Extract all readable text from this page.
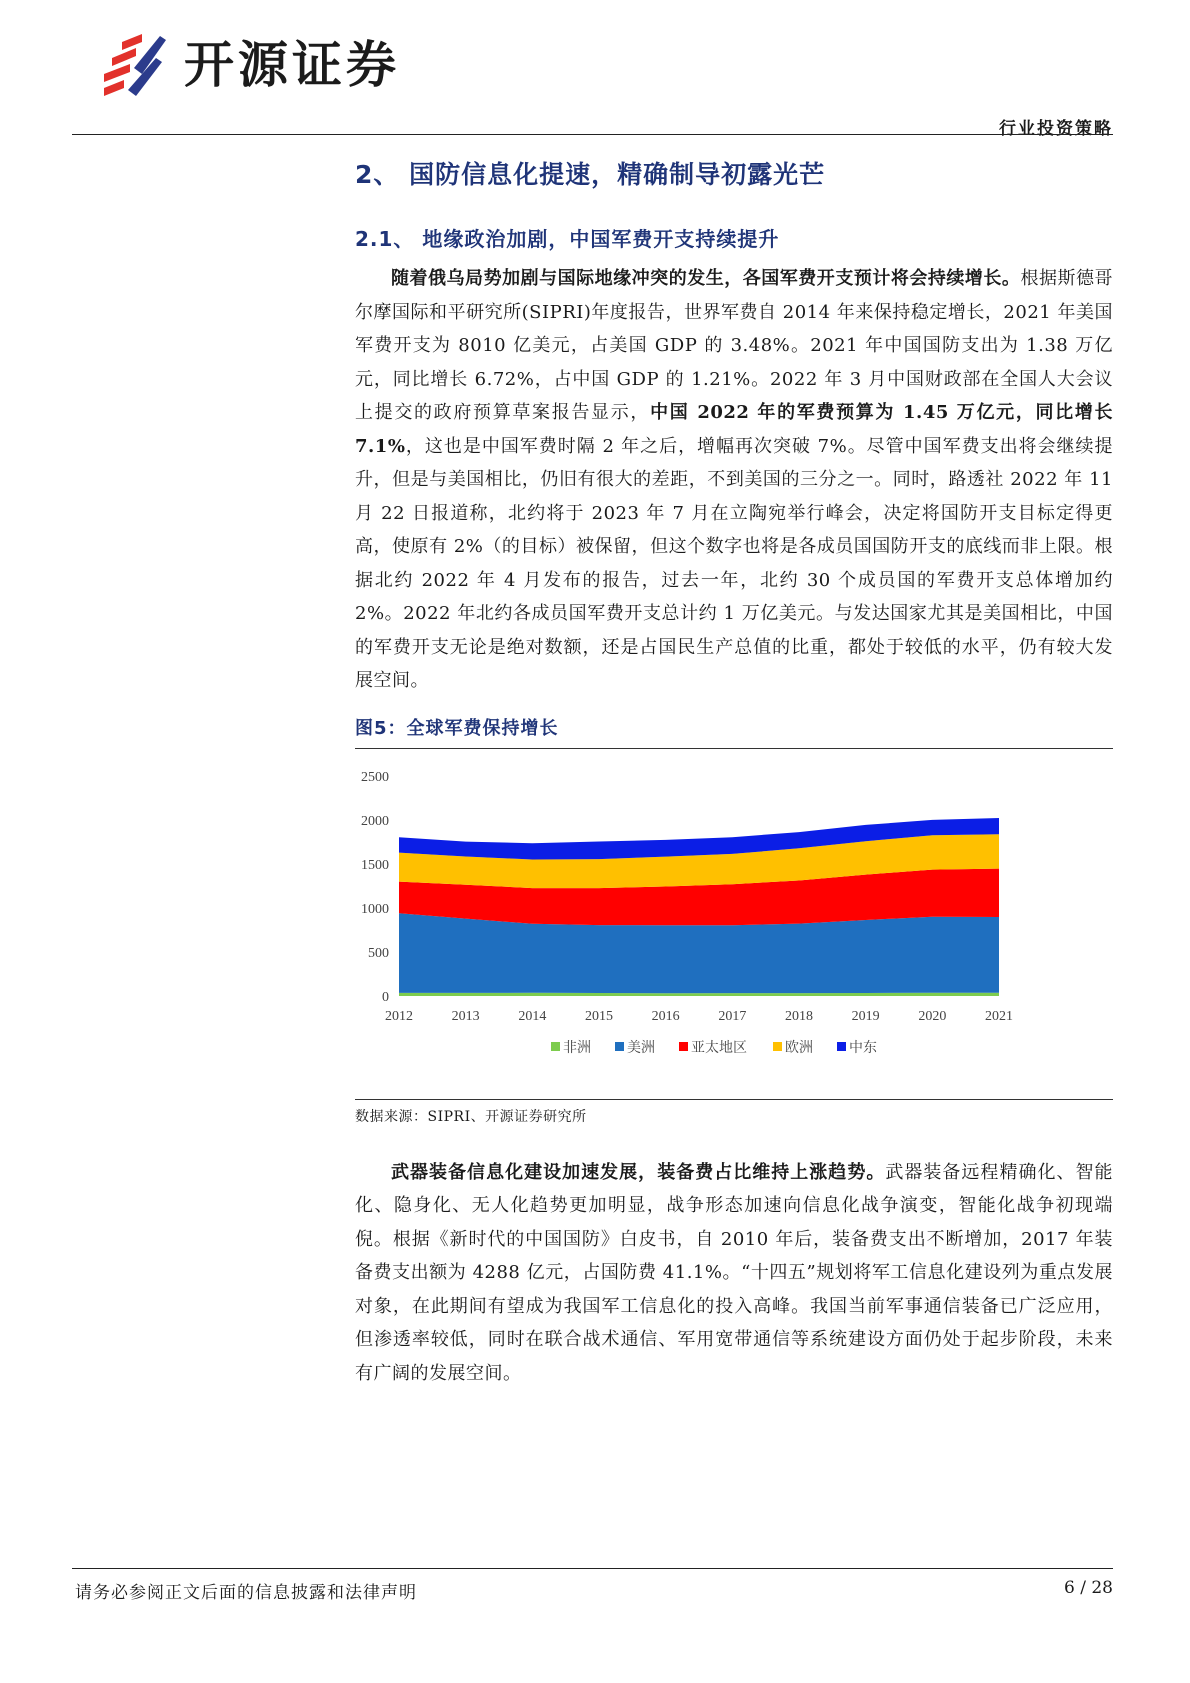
开源证券
行业投资策略
2、 国防信息化提速，精确制导初露光芒
2.1、 地缘政治加剧，中国军费开支持续提升

随着俄乌局势加剧与国际地缘冲突的发生，各国军费开支预计将会持续增长。根据斯德哥尔摩国际和平研究所(SIPRI)年度报告，世界军费自 2014 年来保持稳定增长，2021 年美国军费开支为 8010 亿美元，占美国 GDP 的 3.48%。2021 年中国国防支出为 1.38 万亿元，同比增长 6.72%，占中国 GDP 的 1.21%。2022 年 3 月中国财政部在全国人大会议上提交的政府预算草案报告显示，中国 2022 年的军费预算为 1.45 万亿元，同比增长 7.1%，这也是中国军费时隔 2 年之后，增幅再次突破 7%。尽管中国军费支出将会继续提升，但是与美国相比，仍旧有很大的差距，不到美国的三分之一。同时，路透社 2022 年 11 月 22 日报道称，北约将于 2023 年 7 月在立陶宛举行峰会，决定将国防开支目标定得更高，使原有 2%（的目标）被保留，但这个数字也将是各成员国国防开支的底线而非上限。根据北约 2022 年 4 月发布的报告，过去一年，北约 30 个成员国的军费开支总体增加约 2%。2022 年北约各成员国军费开支总计约 1 万亿美元。与发达国家尤其是美国相比，中国的军费开支无论是绝对数额，还是占国民生产总值的比重，都处于较低的水平，仍有较大发展空间。

图5：全球军费保持增长
0
500
1000
1500
2000
2500
2012	2013	2014	2015	2016	2017	2018	2019	2020	2021
非洲	美洲	亚太地区	欧洲	中东
数据来源：SIPRI、开源证券研究所

武器装备信息化建设加速发展，装备费占比维持上涨趋势。武器装备远程精确化、智能化、隐身化、无人化趋势更加明显，战争形态加速向信息化战争演变，智能化战争初现端倪。根据《新时代的中国国防》白皮书，自 2010 年后，装备费支出不断增加，2017 年装备费支出额为 4288 亿元，占国防费 41.1%。“十四五”规划将军工信息化建设列为重点发展对象，在此期间有望成为我国军工信息化的投入高峰。我国当前军事通信装备已广泛应用，但渗透率较低，同时在联合战术通信、军用宽带通信等系统建设方面仍处于起步阶段，未来有广阔的发展空间。

请务必参阅正文后面的信息披露和法律声明	6 / 28
